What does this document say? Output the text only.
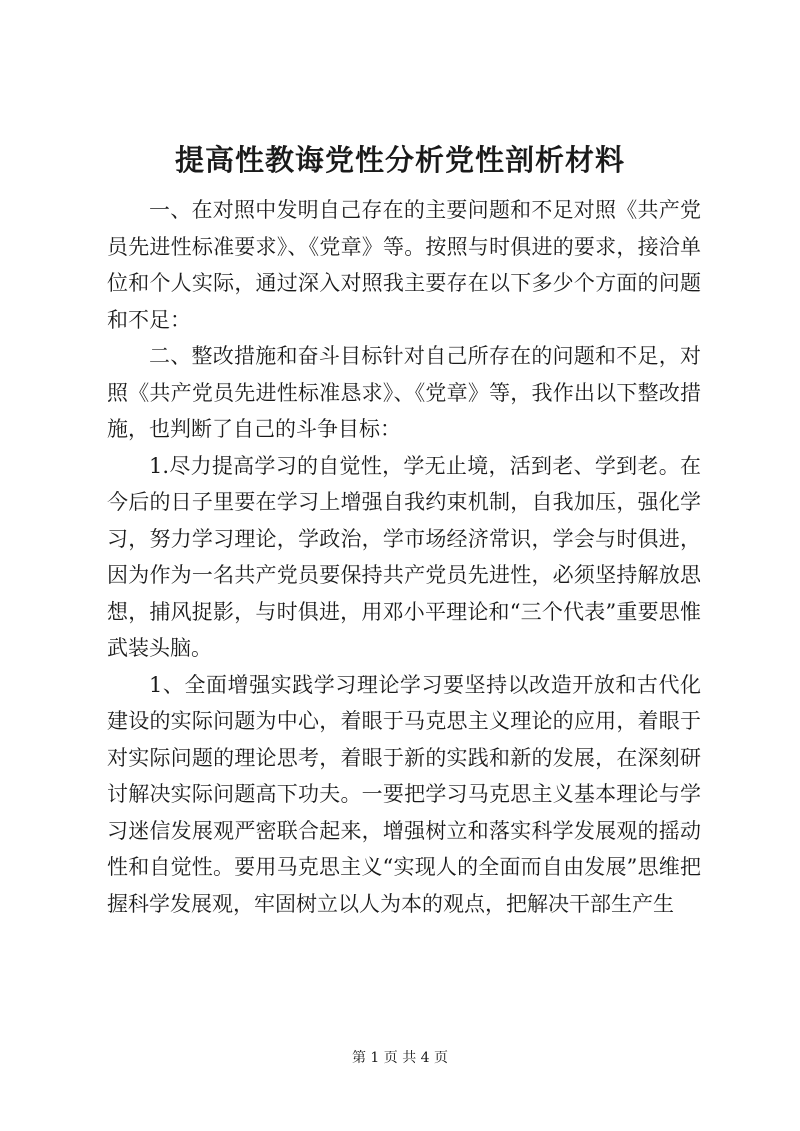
提高性教诲党性分析党性剖析材料

一、在对照中发明自己存在的主要问题和不足对照《共产党员先进性标准要求》、《党章》等。按照与时俱进的要求，接洽单位和个人实际，通过深入对照我主要存在以下多少个方面的问题和不足：

二、整改措施和奋斗目标针对自己所存在的问题和不足，对照《共产党员先进性标准恳求》、《党章》等，我作出以下整改措施，也判断了自己的斗争目标：

1.尽力提高学习的自觉性，学无止境，活到老、学到老。在今后的日子里要在学习上增强自我约束机制，自我加压，强化学习，努力学习理论，学政治，学市场经济常识，学会与时俱进，因为作为一名共产党员要保持共产党员先进性，必须坚持解放思想，捕风捉影，与时俱进，用邓小平理论和“三个代表”重要思惟武装头脑。

1、全面增强实践学习理论学习要坚持以改造开放和古代化建设的实际问题为中心，着眼于马克思主义理论的应用，着眼于对实际问题的理论思考，着眼于新的实践和新的发展，在深刻研讨解决实际问题高下功夫。一要把学习马克思主义基本理论与学习迷信发展观严密联合起来，增强树立和落实科学发展观的摇动性和自觉性。要用马克思主义“实现人的全面而自由发展”思维把握科学发展观，牢固树立以人为本的观点，把解决干部生产生

第 1 页 共 4 页
